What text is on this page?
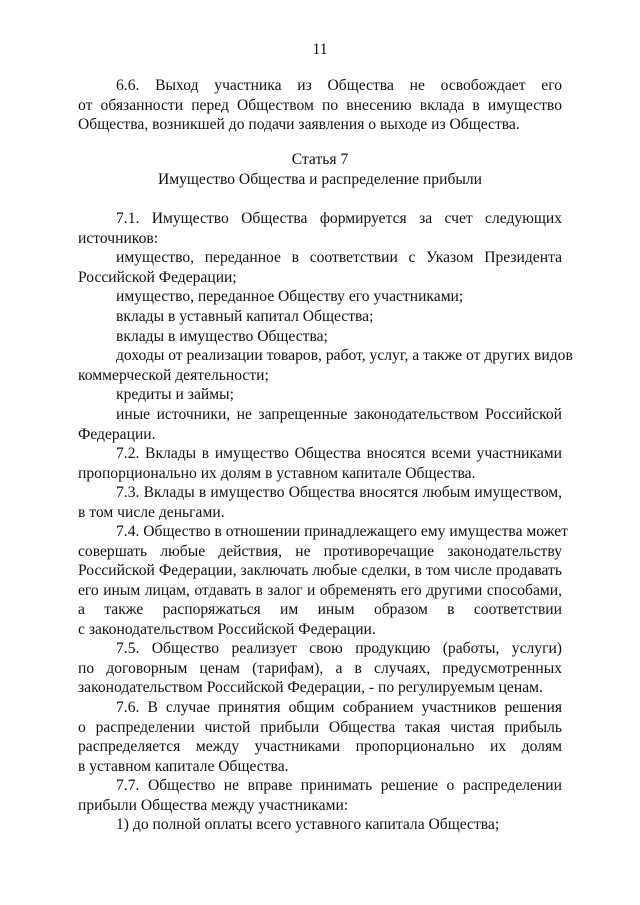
11
6.6. Выход участника из Общества не освобождает его
от обязанности перед Обществом по внесению вклада в имущество
Общества, возникшей до подачи заявления о выходе из Общества.
Статья 7
Имущество Общества и распределение прибыли
7.1. Имущество Общества формируется за счет следующих
источников:
имущество, переданное в соответствии с Указом Президента
Российской Федерации;
имущество, переданное Обществу его участниками;
вклады в уставный капитал Общества;
вклады в имущество Общества;
доходы от реализации товаров, работ, услуг, а также от других видов
коммерческой деятельности;
кредиты и займы;
иные источники, не запрещенные законодательством Российской
Федерации.
7.2. Вклады в имущество Общества вносятся всеми участниками
пропорционально их долям в уставном капитале Общества.
7.3. Вклады в имущество Общества вносятся любым имуществом,
в том числе деньгами.
7.4. Общество в отношении принадлежащего ему имущества может
совершать любые действия, не противоречащие законодательству
Российской Федерации, заключать любые сделки, в том числе продавать
его иным лицам, отдавать в залог и обременять его другими способами,
а также распоряжаться им иным образом в соответствии
с законодательством Российской Федерации.
7.5. Общество реализует свою продукцию (работы, услуги)
по договорным ценам (тарифам), а в случаях, предусмотренных
законодательством Российской Федерации, - по регулируемым ценам.
7.6. В случае принятия общим собранием участников решения
о распределении чистой прибыли Общества такая чистая прибыль
распределяется между участниками пропорционально их долям
в уставном капитале Общества.
7.7. Общество не вправе принимать решение о распределении
прибыли Общества между участниками:
1) до полной оплаты всего уставного капитала Общества;
